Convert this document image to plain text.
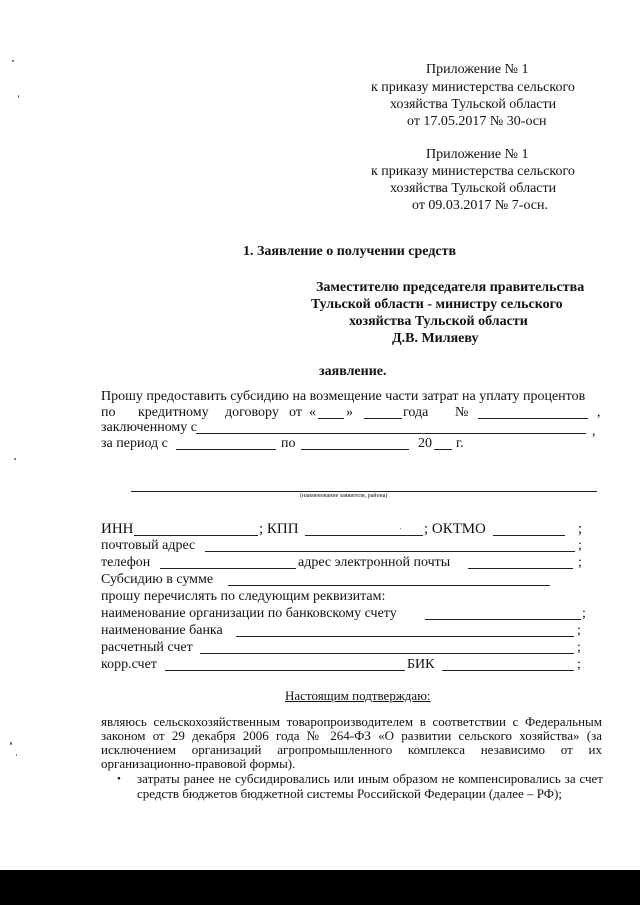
Приложение № 1
к приказу министерства сельского
хозяйства Тульской области
от 17.05.2017 № 30-осн
Приложение № 1
к приказу министерства сельского
хозяйства Тульской области
от 09.03.2017 № 7-осн.
1. Заявление о получении средств
Заместителю председателя правительства
Тульской области - министру сельского
хозяйства Тульской области
Д.В. Миляеву
заявление.
Прошу предоставить субсидию на возмещение части затрат на уплату процентов
по кредитному договору от « »	года №	,
заключенному с	,
за период с	по	20 г.
(наименование заявителя, района)
ИНН	; КПП	; ОКТМО	;
почтовый адрес	;
телефон	адрес электронной почты	;
Субсидию в сумме
прошу перечислять по следующим реквизитам:
наименование организации по банковскому счету	;
наименование банка	;
расчетный счет	;
корр.счет	БИК	;
Настоящим подтверждаю:
являюсь сельскохозяйственным товаропроизводителем в соответствии с Федеральным законом от 29 декабря 2006 года № 264-ФЗ «О развитии сельского хозяйства» (за исключением организаций агропромышленного комплекса независимо от их организационно-правовой формы).
• затраты ранее не субсидировались или иным образом не компенсировались за счет средств бюджетов бюджетной системы Российской Федерации (далее – РФ);
